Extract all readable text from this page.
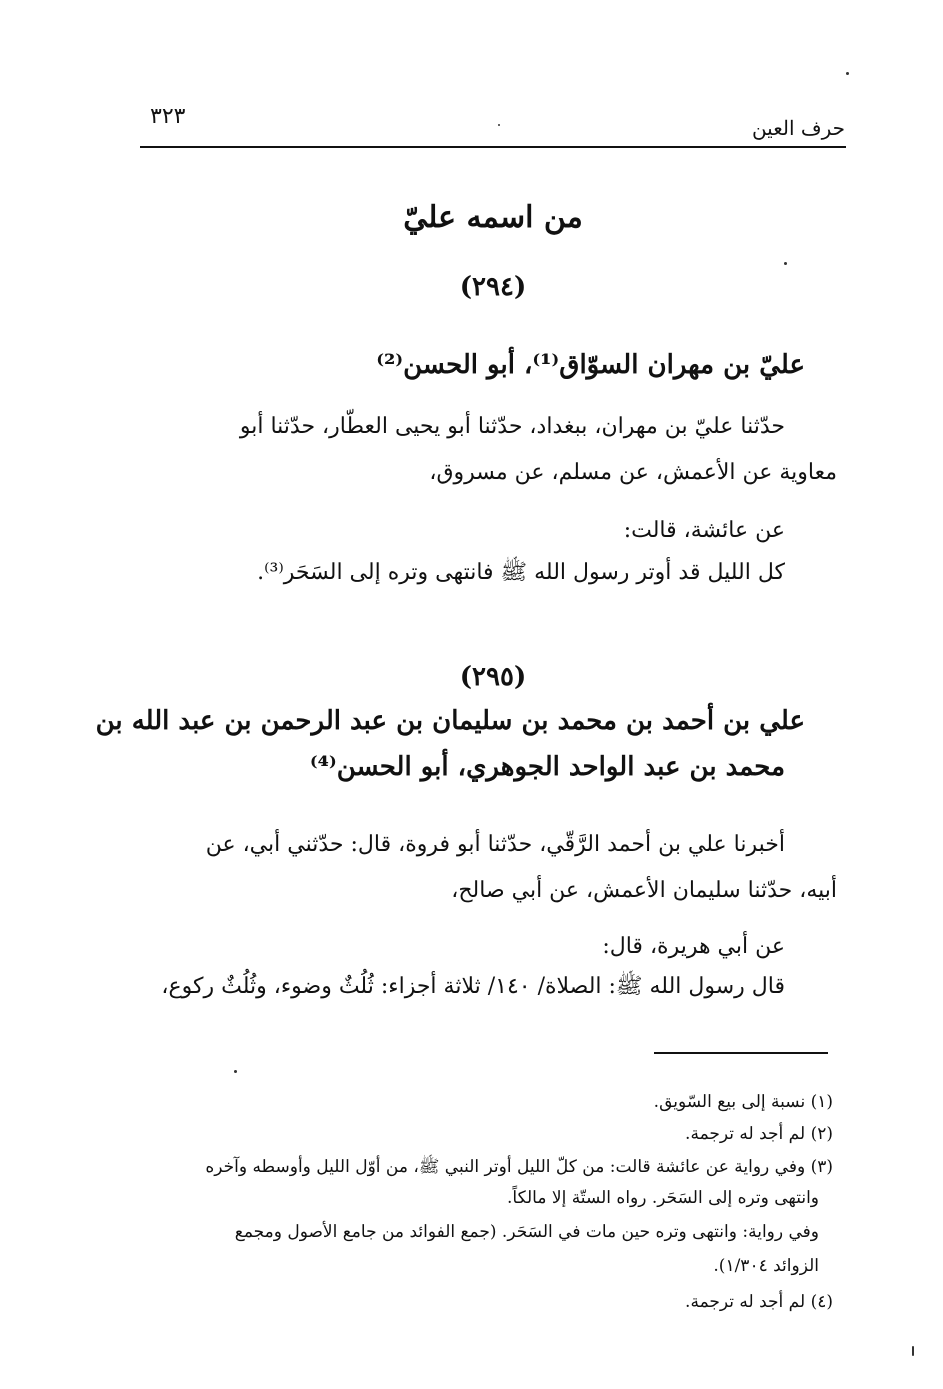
٣٢٣	حرف العين
من اسمه عليّ
(٢٩٤)
عليّ بن مهران السوّاق⁽¹⁾، أبو الحسن⁽²⁾
حدّثنا عليّ بن مهران، ببغداد، حدّثنا أبو يحيى العطّار، حدّثنا أبو
معاوية عن الأعمش، عن مسلم، عن مسروق،
عن عائشة، قالت:
كل الليل قد أوتر رسول الله ﷺ فانتهى وتره إلى السَحَر⁽³⁾.
(٢٩٥)
علي بن أحمد بن محمد بن سليمان بن عبد الرحمن بن عبد الله بن
محمد بن عبد الواحد الجوهري، أبو الحسن⁽⁴⁾
أخبرنا علي بن أحمد الرَّقّي، حدّثنا أبو فروة، قال: حدّثني أبي، عن
أبيه، حدّثنا سليمان الأعمش، عن أبي صالح،
عن أبي هريرة، قال:
قال رسول الله ﷺ: الصلاة/ ١٤٠/ ثلاثة أجزاء: ثُلُثٌ وضوء، وثُلُثٌ ركوع،
(١) نسبة إلى بيع السّويق.
(٢) لم أجد له ترجمة.
(٣) وفي رواية عن عائشة قالت: من كلّ الليل أوتر النبي ﷺ، من أوّل الليل وأوسطه وآخره
وانتهى وتره إلى السَحَر. رواه الستّة إلا مالكاً.
وفي رواية: وانتهى وتره حين مات في السَحَر. (جمع الفوائد من جامع الأصول ومجمع
الزوائد ١/٣٠٤).
(٤) لم أجد له ترجمة.
